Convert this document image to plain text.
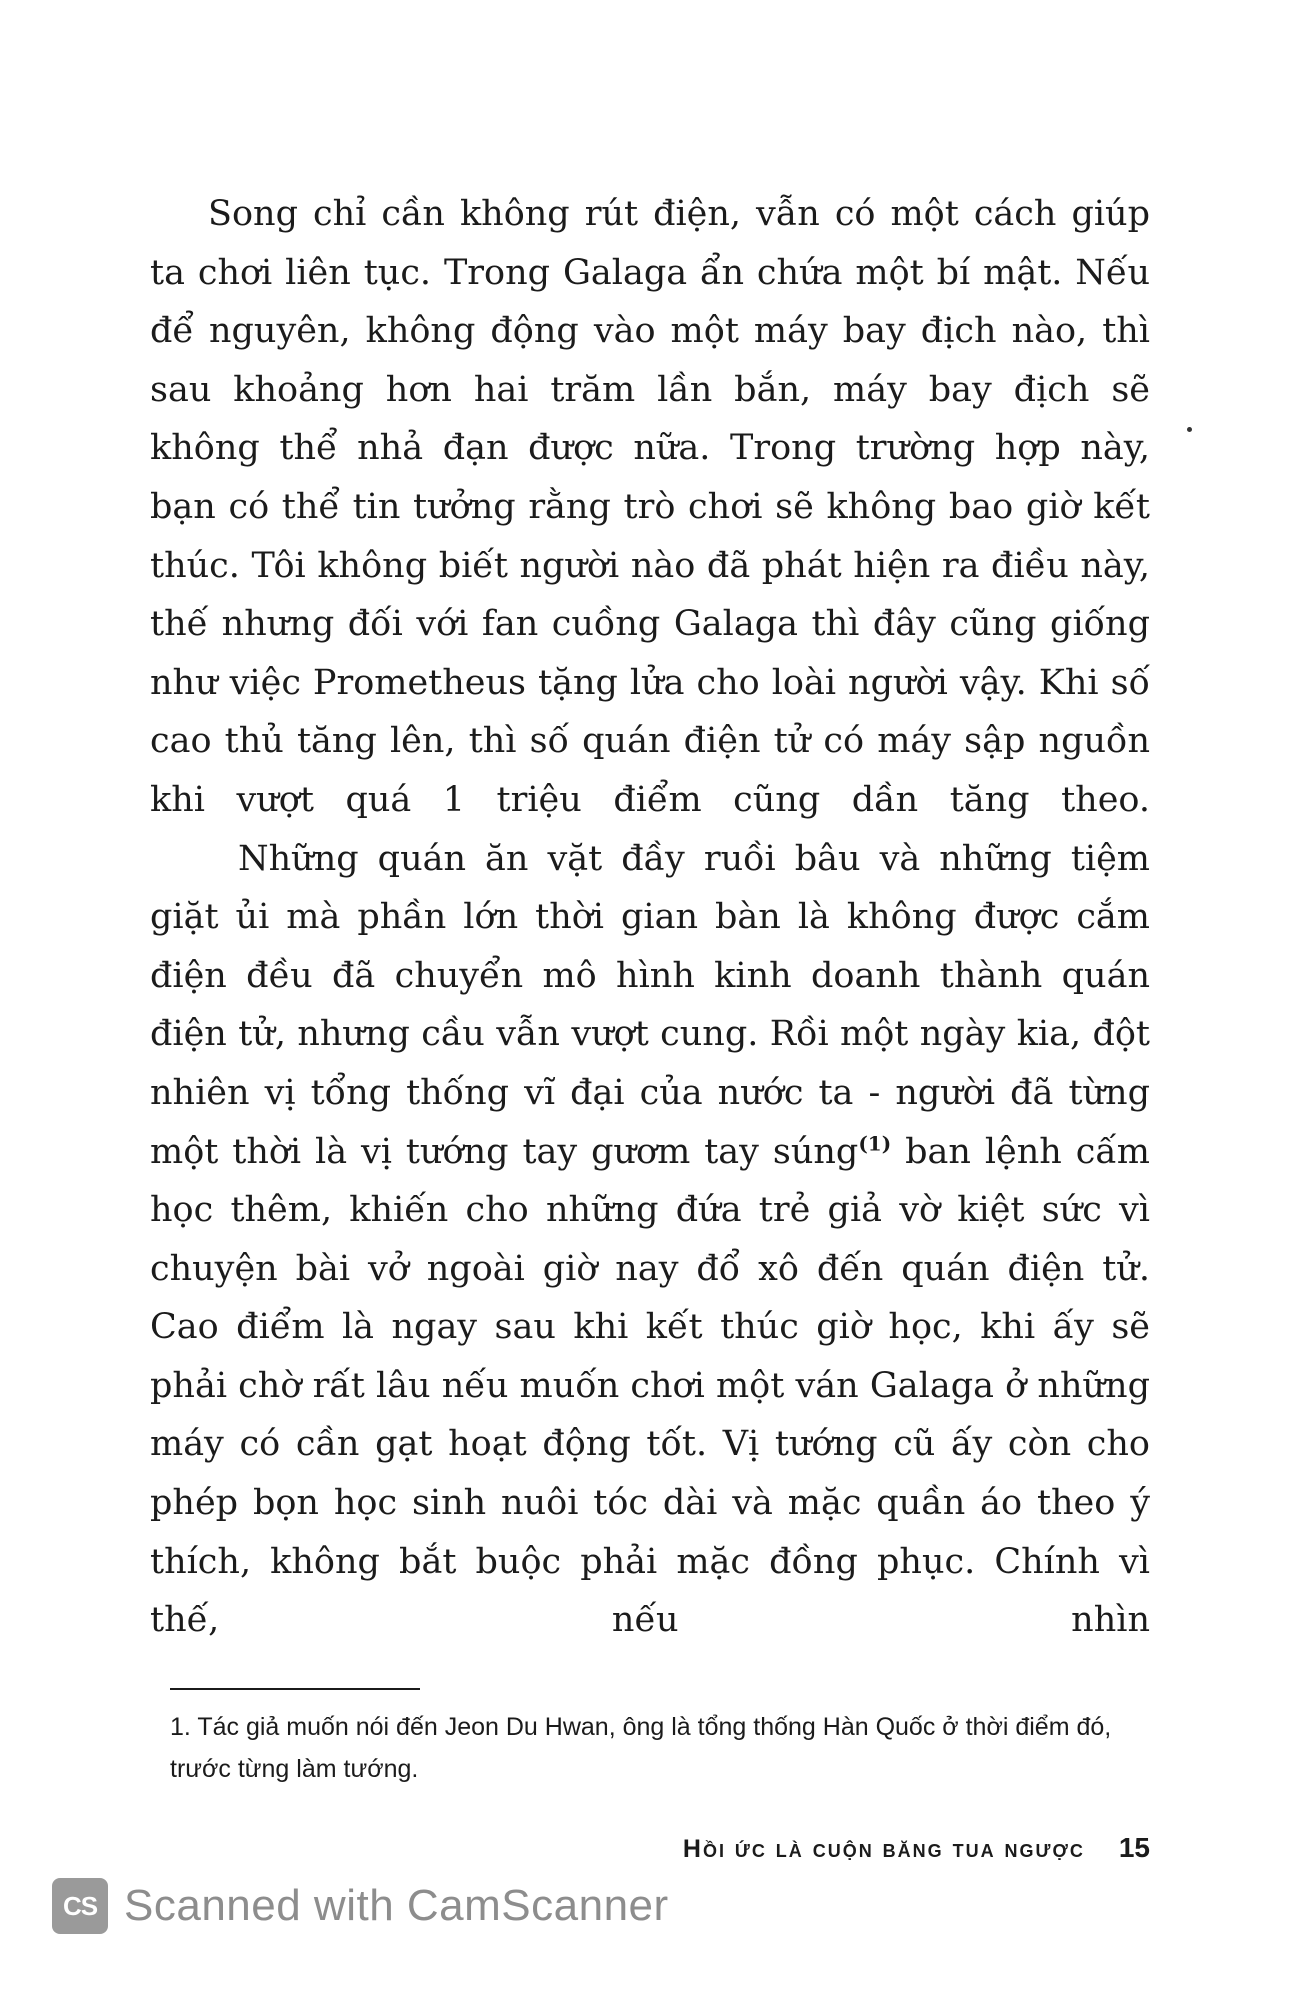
Song chỉ cần không rút điện, vẫn có một cách giúp ta chơi liên tục. Trong Galaga ẩn chứa một bí mật. Nếu để nguyên, không động vào một máy bay địch nào, thì sau khoảng hơn hai trăm lần bắn, máy bay địch sẽ không thể nhả đạn được nữa. Trong trường hợp này, bạn có thể tin tưởng rằng trò chơi sẽ không bao giờ kết thúc. Tôi không biết người nào đã phát hiện ra điều này, thế nhưng đối với fan cuồng Galaga thì đây cũng giống như việc Prometheus tặng lửa cho loài người vậy. Khi số cao thủ tăng lên, thì số quán điện tử có máy sập nguồn khi vượt quá 1 triệu điểm cũng dần tăng theo.

Những quán ăn vặt đầy ruồi bâu và những tiệm giặt ủi mà phần lớn thời gian bàn là không được cắm điện đều đã chuyển mô hình kinh doanh thành quán điện tử, nhưng cầu vẫn vượt cung. Rồi một ngày kia, đột nhiên vị tổng thống vĩ đại của nước ta - người đã từng một thời là vị tướng tay gươm tay súng$^{(1)}$ ban lệnh cấm học thêm, khiến cho những đứa trẻ giả vờ kiệt sức vì chuyện bài vở ngoài giờ nay đổ xô đến quán điện tử. Cao điểm là ngay sau khi kết thúc giờ học, khi ấy sẽ phải chờ rất lâu nếu muốn chơi một ván Galaga ở những máy có cần gạt hoạt động tốt. Vị tướng cũ ấy còn cho phép bọn học sinh nuôi tóc dài và mặc quần áo theo ý thích, không bắt buộc phải mặc đồng phục. Chính vì thế, nếu nhìn

1. Tác giả muốn nói đến Jeon Du Hwan, ông là tổng thống Hàn Quốc ở thời điểm đó, trước từng làm tướng.
Hồi ức là cuộn băng tua ngược 15
CS Scanned with CamScanner
